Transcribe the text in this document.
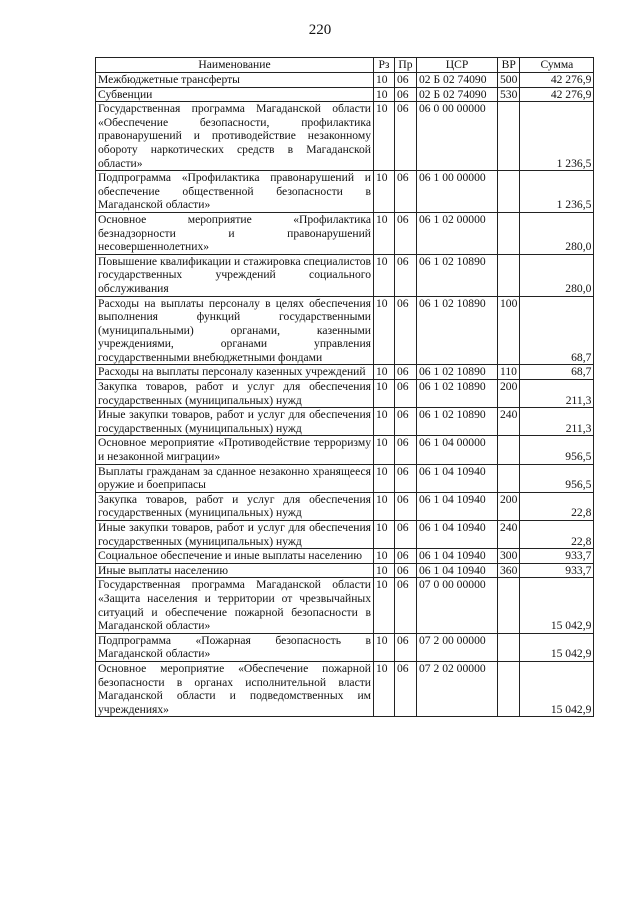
220
Наименование	Рз	Пр	ЦСР	ВР	Сумма
Межбюджетные трансферты	10	06	02 Б 02 74090	500	42 276,9
Субвенции	10	06	02 Б 02 74090	530	42 276,9
Государственная программа Магаданской области «Обеспечение безопасности, профилактика правонарушений и противодействие незаконному обороту наркотических средств в Магаданской области»	10	06	06 0 00 00000		1 236,5
Подпрограмма «Профилактика правонарушений и обеспечение общественной безопасности в Магаданской области»	10	06	06 1 00 00000		1 236,5
Основное мероприятие «Профилактика безнадзорности и правонарушений несовершеннолетних»	10	06	06 1 02 00000		280,0
Повышение квалификации и стажировка специалистов государственных учреждений социального обслуживания	10	06	06 1 02 10890		280,0
Расходы на выплаты персоналу в целях обеспечения выполнения функций государственными (муниципальными) органами, казенными учреждениями, органами управления государственными внебюджетными фондами	10	06	06 1 02 10890	100	68,7
Расходы на выплаты персоналу казенных учреждений	10	06	06 1 02 10890	110	68,7
Закупка товаров, работ и услуг для обеспечения государственных (муниципальных) нужд	10	06	06 1 02 10890	200	211,3
Иные закупки товаров, работ и услуг для обеспечения государственных (муниципальных) нужд	10	06	06 1 02 10890	240	211,3
Основное мероприятие «Противодействие терроризму и незаконной миграции»	10	06	06 1 04 00000		956,5
Выплаты гражданам за сданное незаконно хранящееся оружие и боеприпасы	10	06	06 1 04 10940		956,5
Закупка товаров, работ и услуг для обеспечения государственных (муниципальных) нужд	10	06	06 1 04 10940	200	22,8
Иные закупки товаров, работ и услуг для обеспечения государственных (муниципальных) нужд	10	06	06 1 04 10940	240	22,8
Социальное обеспечение и иные выплаты населению	10	06	06 1 04 10940	300	933,7
Иные выплаты населению	10	06	06 1 04 10940	360	933,7
Государственная программа Магаданской области «Защита населения и территории от чрезвычайных ситуаций и обеспечение пожарной безопасности в Магаданской области»	10	06	07 0 00 00000		15 042,9
Подпрограмма «Пожарная безопасность в Магаданской области»	10	06	07 2 00 00000		15 042,9
Основное мероприятие «Обеспечение пожарной безопасности в органах исполнительной власти Магаданской области и подведомственных им учреждениях»	10	06	07 2 02 00000		15 042,9
